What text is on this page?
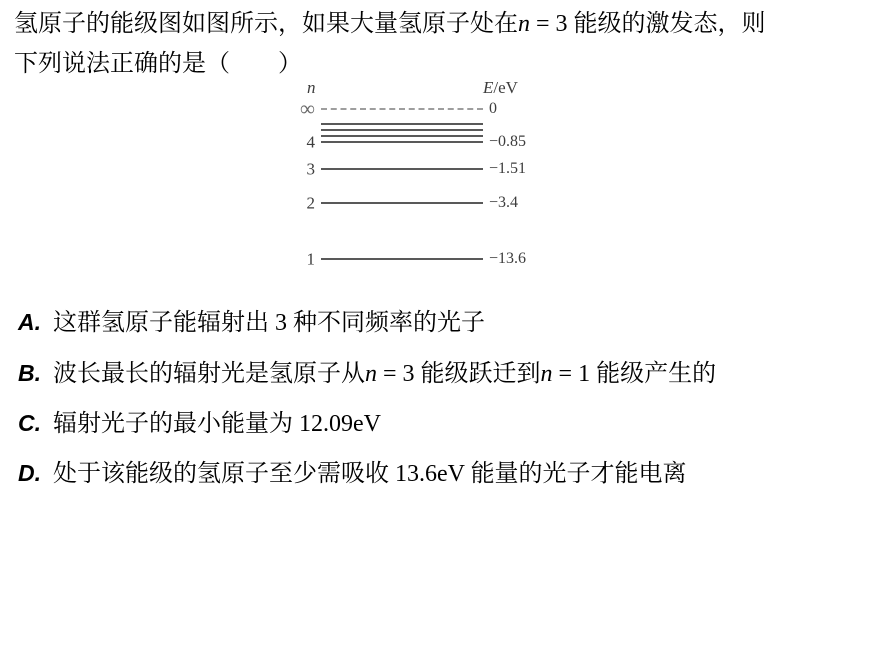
氢原子的能级图如图所示，如果大量氢原子处在n = 3 能级的激发态，则
下列说法正确的是（　　）
n	E/eV
∞	0
4	−0.85
3	−1.51
2	−3.4
1	−13.6
A. 这群氢原子能辐射出 3 种不同频率的光子
B. 波长最长的辐射光是氢原子从n = 3 能级跃迁到n = 1 能级产生的
C. 辐射光子的最小能量为 12.09eV
D. 处于该能级的氢原子至少需吸收 13.6eV 能量的光子才能电离
